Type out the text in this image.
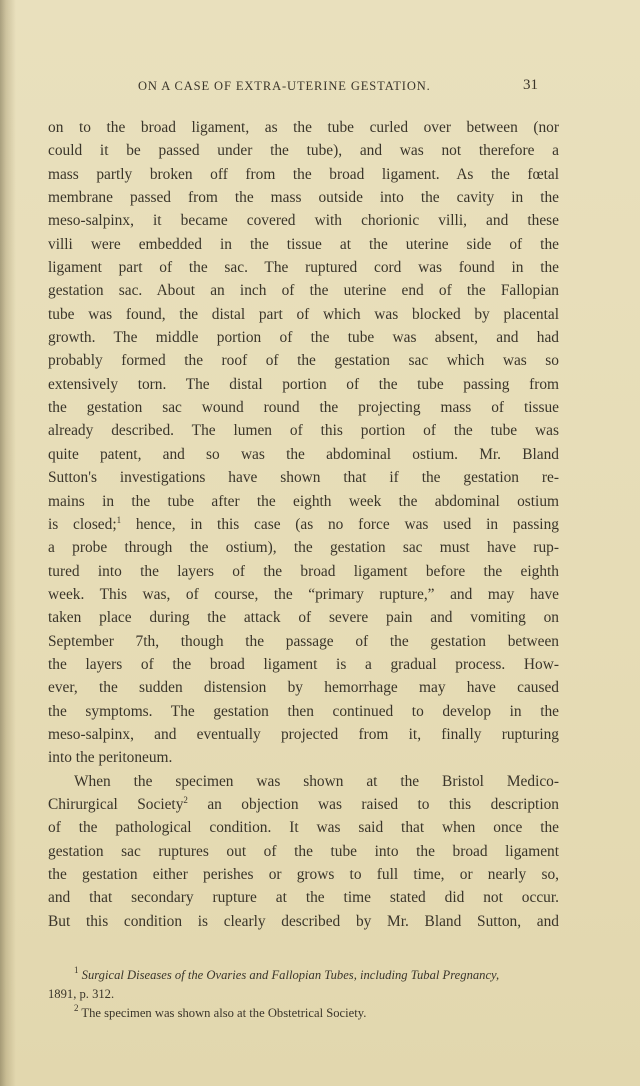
ON A CASE OF EXTRA-UTERINE GESTATION.	31
on to the broad ligament, as the tube curled over between (nor
could it be passed under the tube), and was not therefore a
mass partly broken off from the broad ligament. As the fœtal
membrane passed from the mass outside into the cavity in the
meso-salpinx, it became covered with chorionic villi, and these
villi were embedded in the tissue at the uterine side of the
ligament part of the sac. The ruptured cord was found in the
gestation sac. About an inch of the uterine end of the Fallopian
tube was found, the distal part of which was blocked by placental
growth. The middle portion of the tube was absent, and had
probably formed the roof of the gestation sac which was so
extensively torn. The distal portion of the tube passing from
the gestation sac wound round the projecting mass of tissue
already described. The lumen of this portion of the tube was
quite patent, and so was the abdominal ostium. Mr. Bland
Sutton's investigations have shown that if the gestation re-
mains in the tube after the eighth week the abdominal ostium
is closed;$^1$ hence, in this case (as no force was used in passing
a probe through the ostium), the gestation sac must have rup-
tured into the layers of the broad ligament before the eighth
week. This was, of course, the “primary rupture,” and may have
taken place during the attack of severe pain and vomiting on
September 7th, though the passage of the gestation between
the layers of the broad ligament is a gradual process. How-
ever, the sudden distension by hemorrhage may have caused
the symptoms. The gestation then continued to develop in the
meso-salpinx, and eventually projected from it, finally rupturing
into the peritoneum.
When the specimen was shown at the Bristol Medico-
Chirurgical Society$^2$ an objection was raised to this description
of the pathological condition. It was said that when once the
gestation sac ruptures out of the tube into the broad ligament
the gestation either perishes or grows to full time, or nearly so,
and that secondary rupture at the time stated did not occur.
But this condition is clearly described by Mr. Bland Sutton, and
$^1$ Surgical Diseases of the Ovaries and Fallopian Tubes, including Tubal Pregnancy,
1891, p. 312.
$^2$ The specimen was shown also at the Obstetrical Society.
